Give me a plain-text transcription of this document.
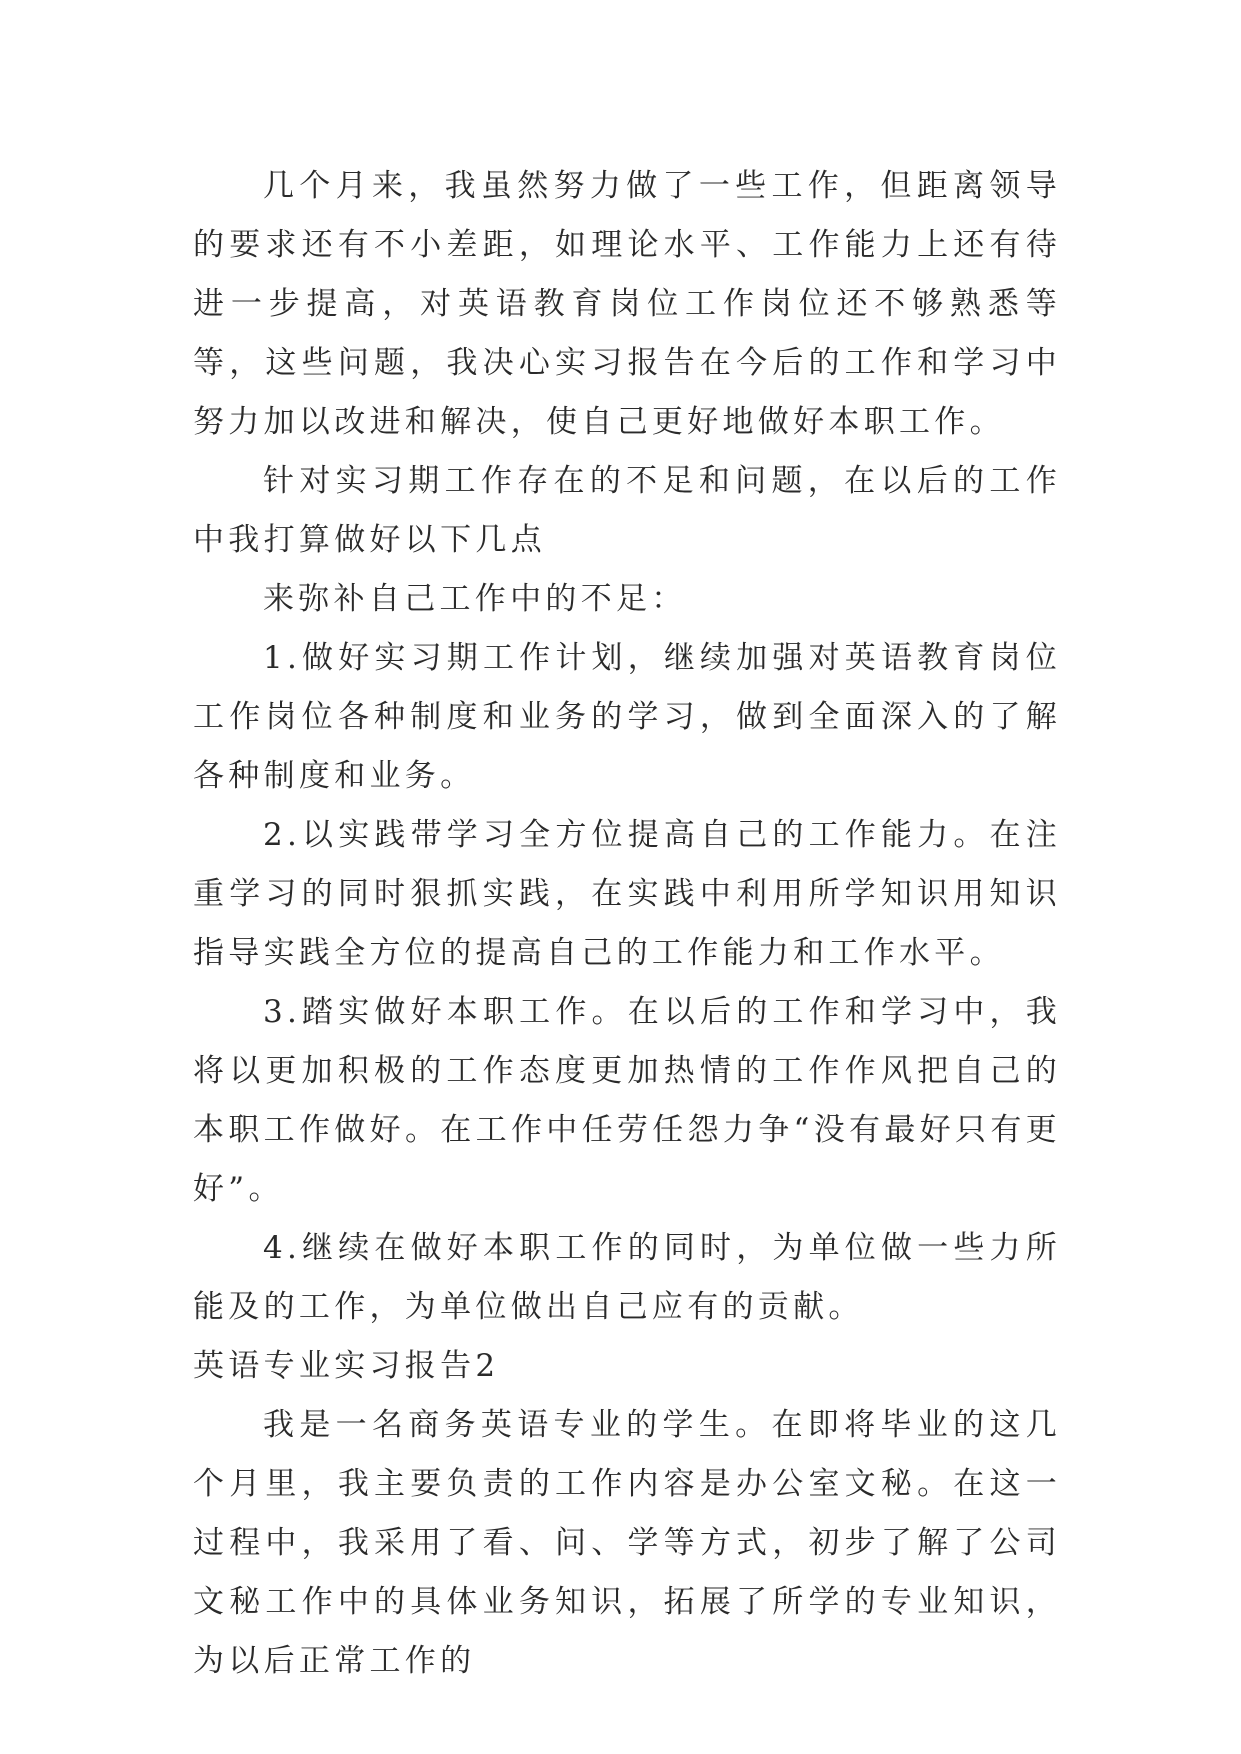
几个月来，我虽然努力做了一些工作，但距离领导的要求还有不小差距，如理论水平、工作能力上还有待进一步提高，对英语教育岗位工作岗位还不够熟悉等等，这些问题，我决心实习报告在今后的工作和学习中努力加以改进和解决，使自己更好地做好本职工作。

针对实习期工作存在的不足和问题，在以后的工作中我打算做好以下几点

来弥补自己工作中的不足：

1.做好实习期工作计划，继续加强对英语教育岗位工作岗位各种制度和业务的学习，做到全面深入的了解各种制度和业务。

2.以实践带学习全方位提高自己的工作能力。在注重学习的同时狠抓实践，在实践中利用所学知识用知识指导实践全方位的提高自己的工作能力和工作水平。

3.踏实做好本职工作。在以后的工作和学习中，我将以更加积极的工作态度更加热情的工作作风把自己的本职工作做好。在工作中任劳任怨力争“没有最好只有更好”。

4.继续在做好本职工作的同时，为单位做一些力所能及的工作，为单位做出自己应有的贡献。

英语专业实习报告2

我是一名商务英语专业的学生。在即将毕业的这几个月里，我主要负责的工作内容是办公室文秘。在这一过程中，我采用了看、问、学等方式，初步了解了公司文秘工作中的具体业务知识，拓展了所学的专业知识，为以后正常工作的
